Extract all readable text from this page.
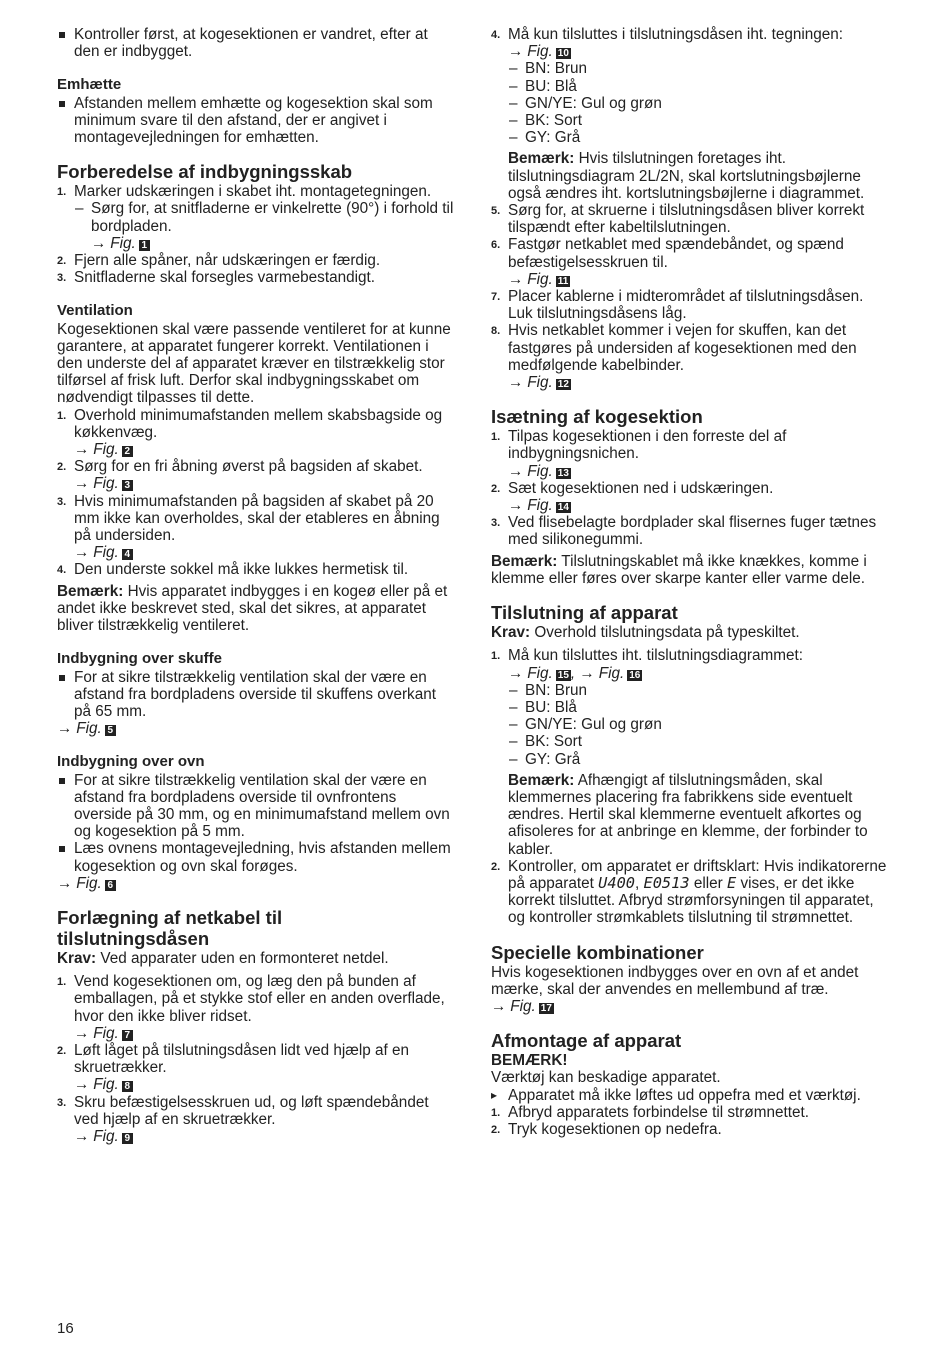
Kontroller først, at kogesektionen er vandret, efter at den er indbygget.

Emhætte

Afstanden mellem emhætte og kogesektion skal som minimum svare til den afstand, der er angivet i montagevejledningen for emhætten.

Forberedelse af indbygningsskab

1. Marker udskæringen i skabet iht. montagetegningen.

– Sørg for, at snitfladerne er vinkelrette (90°) i forhold til bordpladen.

→ Fig. 1

2. Fjern alle spåner, når udskæringen er færdig.
3. Snitfladerne skal forsegles varmebestandigt.

Ventilation

Kogesektionen skal være passende ventileret for at kunne garantere, at apparatet fungerer korrekt. Ventilationen i den underste del af apparatet kræver en tilstrækkelig stor tilførsel af frisk luft. Derfor skal indbygningsskabet om nødvendigt tilpasses til dette.

1. Overhold minimumafstanden mellem skabsbagside og køkkenvæg.

→ Fig. 2

2. Sørg for en fri åbning øverst på bagsiden af skabet.

→ Fig. 3

3. Hvis minimumafstanden på bagsiden af skabet på 20 mm ikke kan overholdes, skal der etableres en åbning på undersiden.

→ Fig. 4

4. Den underste sokkel må ikke lukkes hermetisk til.

Bemærk: Hvis apparatet indbygges i en kogeø eller på et andet ikke beskrevet sted, skal det sikres, at apparatet bliver tilstrækkelig ventileret.

Indbygning over skuffe

For at sikre tilstrækkelig ventilation skal der være en afstand fra bordpladens overside til skuffens overkant på 65 mm.

→ Fig. 5

Indbygning over ovn

For at sikre tilstrækkelig ventilation skal der være en afstand fra bordpladens overside til ovnfrontens overside på 30 mm, og en minimumafstand mellem ovn og kogesektion på 5 mm.

Læs ovnens montagevejledning, hvis afstanden mellem kogesektion og ovn skal forøges.

→ Fig. 6

Forlægning af netkabel til
tilslutningsdåsen

Krav: Ved apparater uden en formonteret netdel.

1. Vend kogesektionen om, og læg den på bunden af emballagen, på et stykke stof eller en anden overflade, hvor den ikke bliver ridset.

→ Fig. 7

2. Løft låget på tilslutningsdåsen lidt ved hjælp af en skruetrækker.

→ Fig. 8

3. Skru befæstigelsesskruen ud, og løft spændebåndet ved hjælp af en skruetrækker.

→ Fig. 9

4. Må kun tilsluttes i tilslutningsdåsen iht. tegningen:

→ Fig. 10

– BN: Brun

– BU: Blå

– GN/YE: Gul og grøn

– BK: Sort

– GY: Grå

Bemærk: Hvis tilslutningen foretages iht. tilslutningsdiagram 2L/2N, skal kortslutningsbøjlerne også ændres iht. kortslutningsbøjlerne i diagrammet.

5. Sørg for, at skruerne i tilslutningsdåsen bliver korrekt tilspændt efter kabeltilslutningen.
6. Fastgør netkablet med spændebåndet, og spænd befæstigelsesskruen til.

→ Fig. 11

7. Placer kablerne i midterområdet af tilslutningsdåsen. Luk tilslutningsdåsens låg.
8. Hvis netkablet kommer i vejen for skuffen, kan det fastgøres på undersiden af kogesektionen med den medfølgende kabelbinder.

→ Fig. 12

Isætning af kogesektion

1. Tilpas kogesektionen i den forreste del af indbygningsnichen.

→ Fig. 13

2. Sæt kogesektionen ned i udskæringen.

→ Fig. 14

3. Ved flisebelagte bordplader skal flisernes fuger tætnes med silikonegummi.

Bemærk: Tilslutningskablet må ikke knækkes, komme i klemme eller føres over skarpe kanter eller varme dele.

Tilslutning af apparat

Krav: Overhold tilslutningsdata på typeskiltet.

1. Må kun tilsluttes iht. tilslutningsdiagrammet:

→ Fig. 15 , → Fig. 16

– BN: Brun

– BU: Blå

– GN/YE: Gul og grøn

– BK: Sort

– GY: Grå

Bemærk: Afhængigt af tilslutningsmåden, skal klemmernes placering fra fabrikkens side eventuelt ændres. Hertil skal klemmerne eventuelt afkortes og afisoleres for at anbringe en klemme, der forbinder to kabler.

2. Kontroller, om apparatet er driftsklart: Hvis indikatorerne på apparatet U400, E0513 eller E vises, er det ikke korrekt tilsluttet. Afbryd strømforsyningen til apparatet, og kontroller strømkablets tilslutning til strømnettet.

Specielle kombinationer

Hvis kogesektionen indbygges over en ovn af et andet mærke, skal der anvendes en mellembund af træ.

→ Fig. 17

Afmontage af apparat

BEMÆRK!

Værktøj kan beskadige apparatet.

▸ Apparatet må ikke løftes ud oppefra med et værktøj.

1. Afbryd apparatets forbindelse til strømnettet.
2. Tryk kogesektionen op nedefra.
16
